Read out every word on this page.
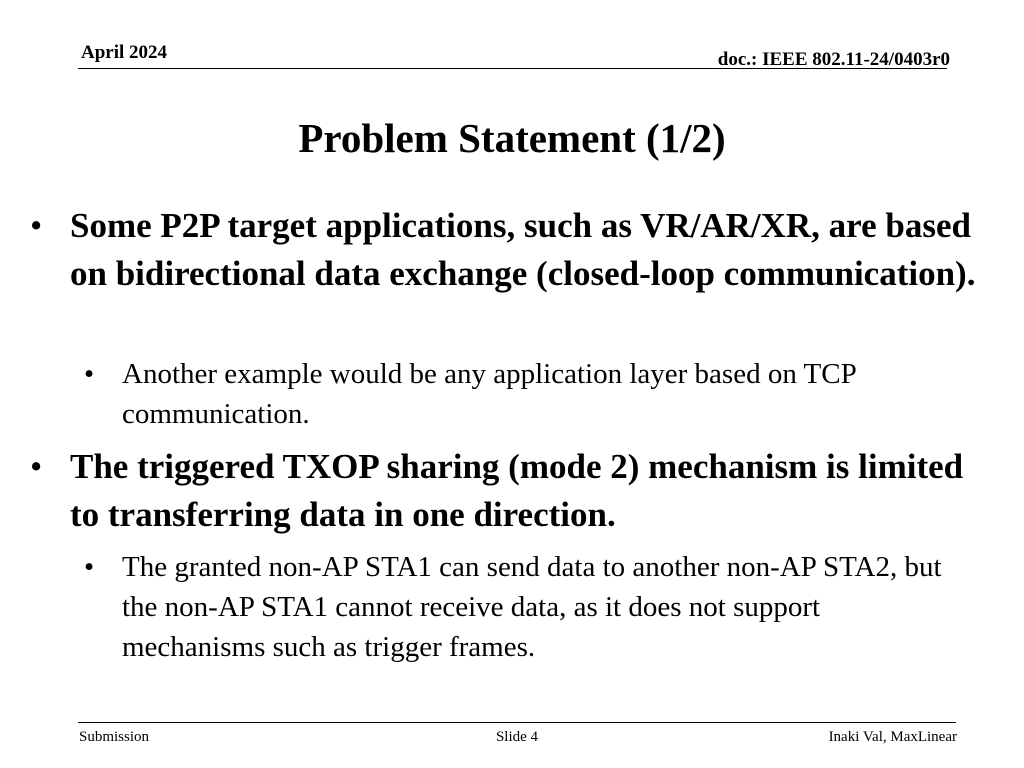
April 2024	doc.: IEEE 802.11-24/0403r0
Problem Statement (1/2)
• Some P2P target applications, such as VR/AR/XR, are based on bidirectional data exchange (closed-loop communication).
• Another example would be any application layer based on TCP communication.
• The triggered TXOP sharing (mode 2) mechanism is limited to transferring data in one direction.
• The granted non-AP STA1 can send data to another non-AP STA2, but the non-AP STA1 cannot receive data, as it does not support mechanisms such as trigger frames.
Submission	Slide 4	Inaki Val, MaxLinear
